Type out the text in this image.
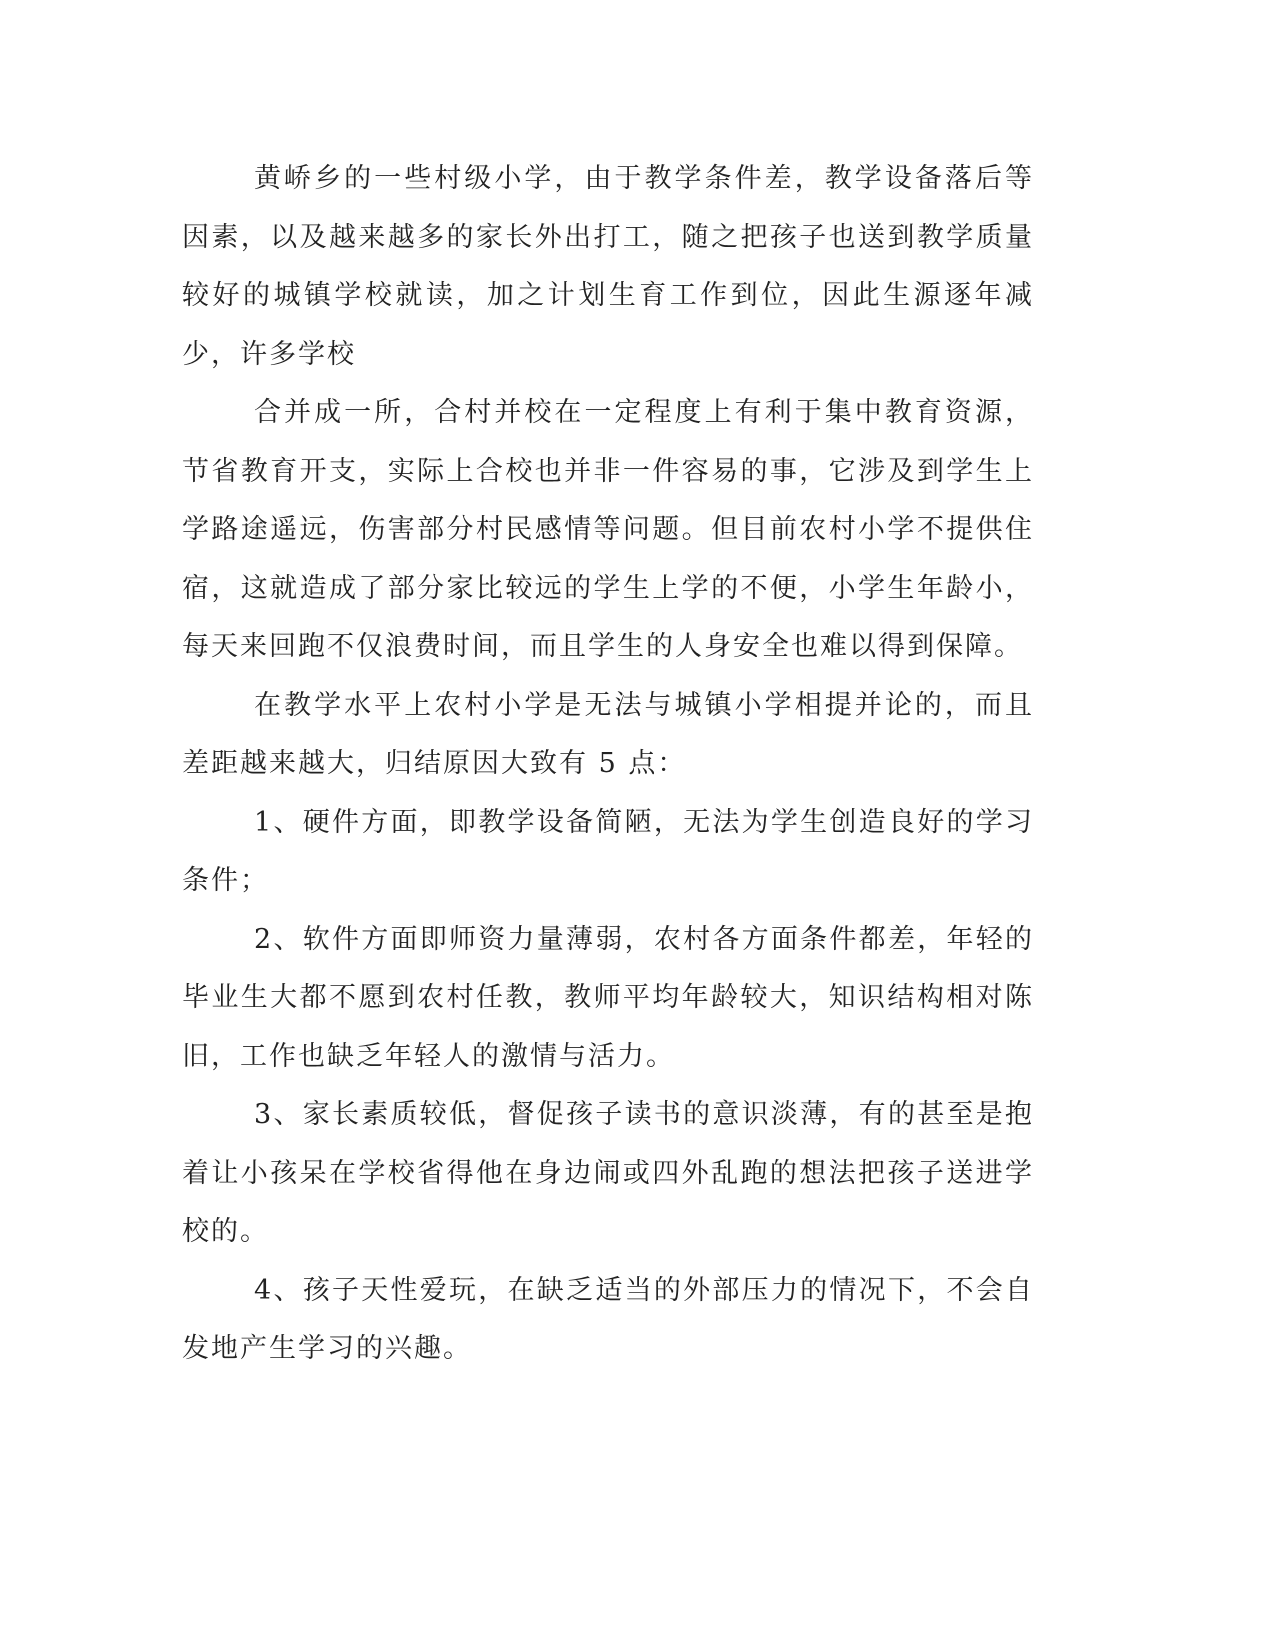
黄峤乡的一些村级小学，由于教学条件差，教学设备落后等因素，以及越来越多的家长外出打工，随之把孩子也送到教学质量较好的城镇学校就读，加之计划生育工作到位，因此生源逐年减少，许多学校

合并成一所，合村并校在一定程度上有利于集中教育资源，节省教育开支，实际上合校也并非一件容易的事，它涉及到学生上学路途遥远，伤害部分村民感情等问题。但目前农村小学不提供住宿，这就造成了部分家比较远的学生上学的不便，小学生年龄小，每天来回跑不仅浪费时间，而且学生的人身安全也难以得到保障。

在教学水平上农村小学是无法与城镇小学相提并论的，而且差距越来越大，归结原因大致有 5 点：

1、硬件方面，即教学设备简陋，无法为学生创造良好的学习条件；

2、软件方面即师资力量薄弱，农村各方面条件都差，年轻的毕业生大都不愿到农村任教，教师平均年龄较大，知识结构相对陈旧，工作也缺乏年轻人的激情与活力。

3、家长素质较低，督促孩子读书的意识淡薄，有的甚至是抱着让小孩呆在学校省得他在身边闹或四外乱跑的想法把孩子送进学校的。

4、孩子天性爱玩，在缺乏适当的外部压力的情况下，不会自发地产生学习的兴趣。
